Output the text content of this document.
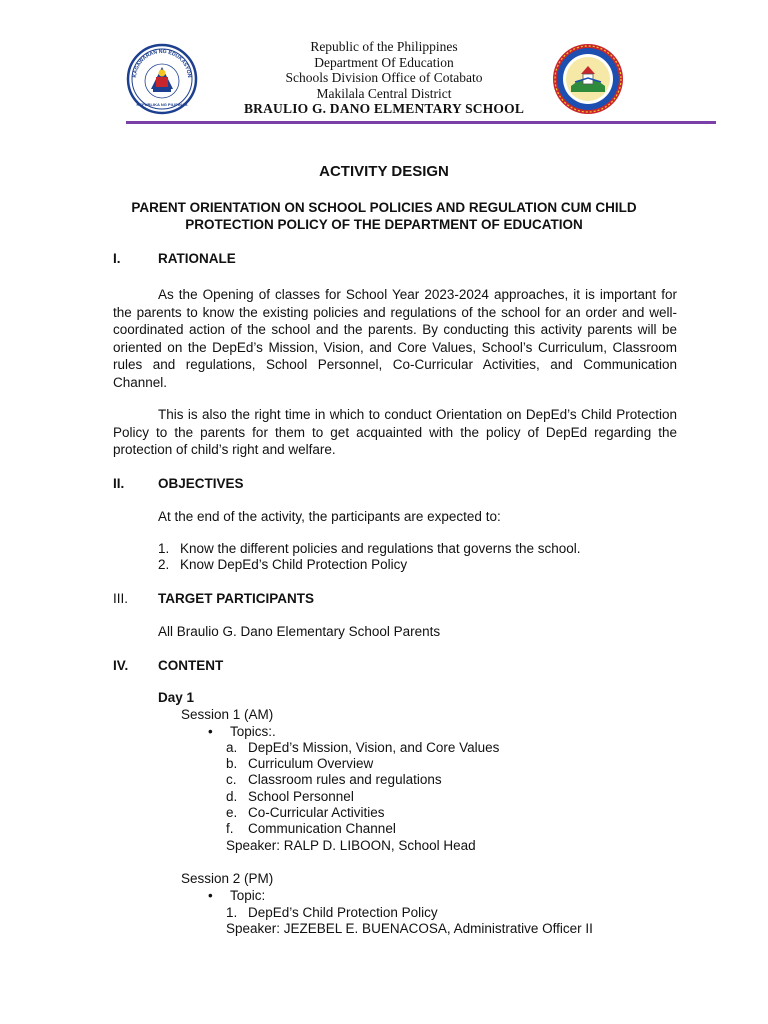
KAGAWARAN NG EDUKASYON
REPUBLIKA NG PILIPINAS
Republic of the Philippines
Department Of Education
Schools Division Office of Cotabato
Makilala Central District
BRAULIO G. DANO ELMENTARY SCHOOL
ACTIVITY DESIGN
PARENT ORIENTATION ON SCHOOL POLICIES AND REGULATION CUM CHILD
PROTECTION POLICY OF THE DEPARTMENT OF EDUCATION
I.	RATIONALE
As the Opening of classes for School Year 2023-2024 approaches, it is important for the parents to know the existing policies and regulations of the school for an order and well-coordinated action of the school and the parents. By conducting this activity parents will be oriented on the DepEd’s Mission, Vision, and Core Values, School’s Curriculum, Classroom rules and regulations, School Personnel, Co-Curricular Activities, and Communication Channel.
This is also the right time in which to conduct Orientation on DepEd’s Child Protection Policy to the parents for them to get acquainted with the policy of DepEd regarding the protection of child’s right and welfare.
II. OBJECTIVES
At the end of the activity, the participants are expected to:
1. Know the different policies and regulations that governs the school.
2. Know DepEd’s Child Protection Policy
III. TARGET PARTICIPANTS
All Braulio G. Dano Elementary School Parents
IV. CONTENT
Day 1
Session 1 (AM)
• Topics:.
a. DepEd’s Mission, Vision, and Core Values
b. Curriculum Overview
c. Classroom rules and regulations
d. School Personnel
e. Co-Curricular Activities
f. Communication Channel
Speaker: RALP D. LIBOON, School Head
Session 2 (PM)
• Topic:
1. DepEd’s Child Protection Policy
Speaker: JEZEBEL E. BUENACOSA, Administrative Officer II
